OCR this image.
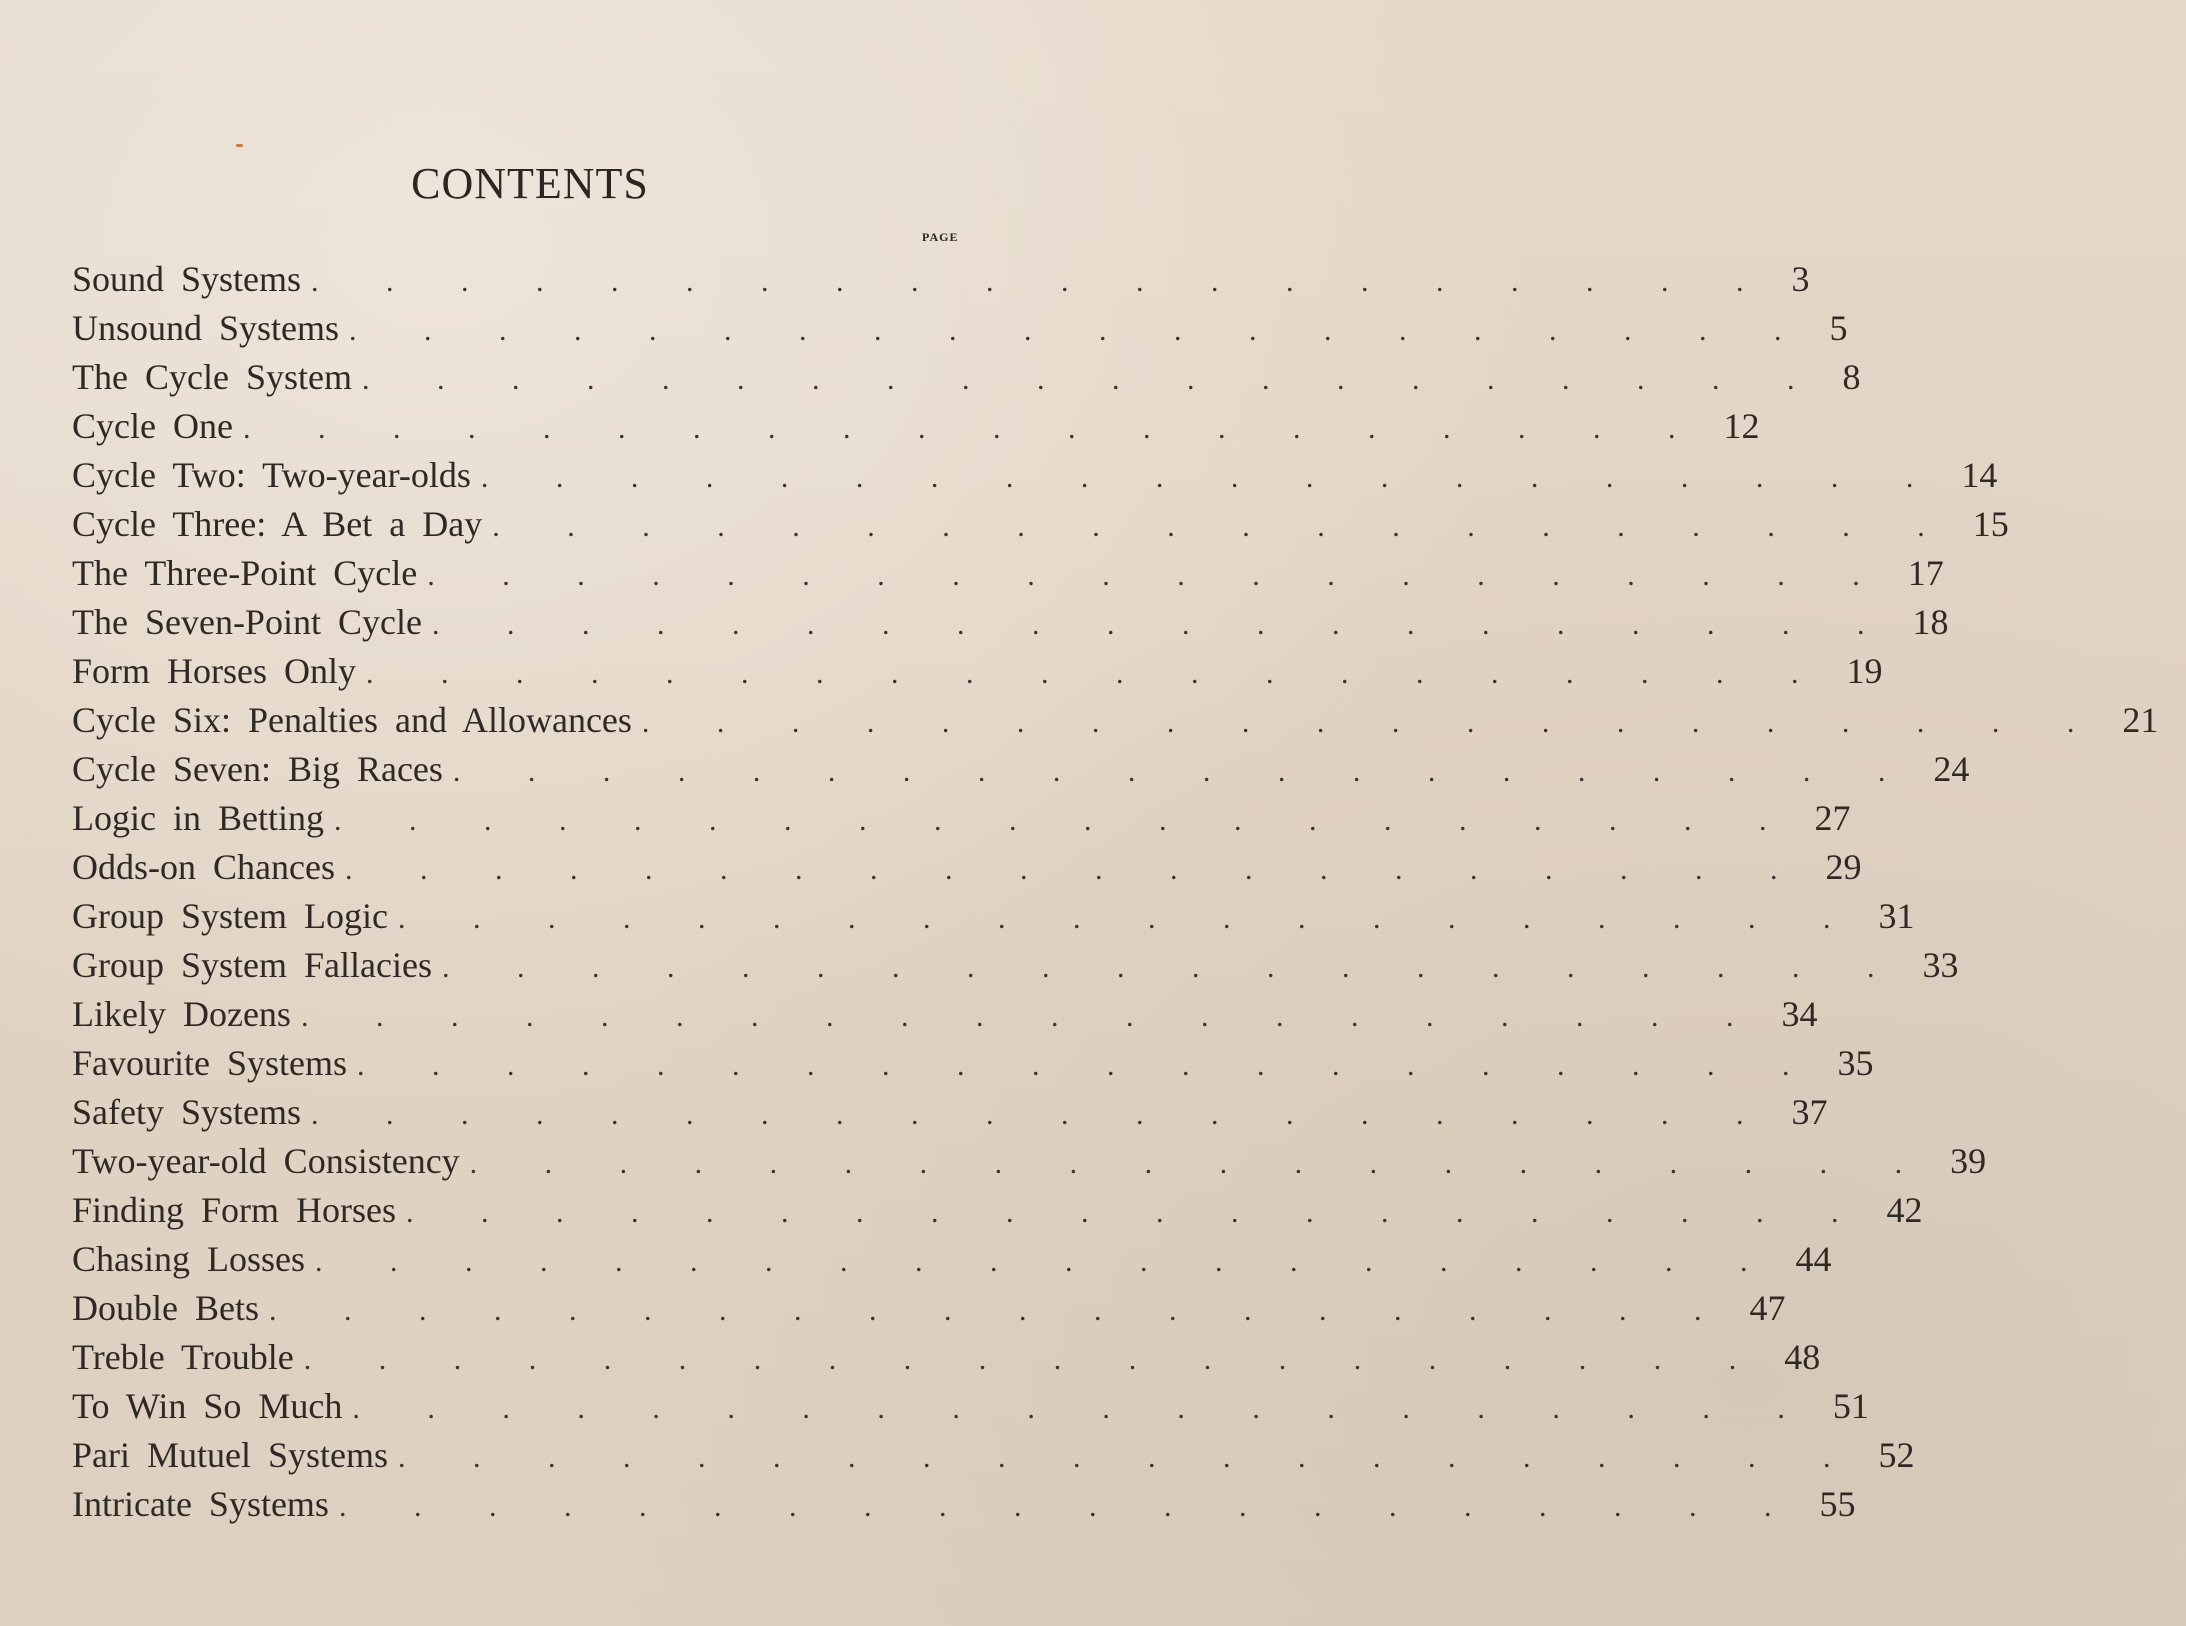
CONTENTS
PAGE
Sound Systems . . . . . . . . . . . . . . . . . . . . 3
Unsound Systems . . . . . . . . . . . . . . . . . . . . 5
The Cycle System . . . . . . . . . . . . . . . . . . . . 8
Cycle One . . . . . . . . . . . . . . . . . . . . 12
Cycle Two: Two-year-olds . . . . . . . . . . . . . . . . . . . . 14
Cycle Three: A Bet a Day . . . . . . . . . . . . . . . . . . . . 15
The Three-Point Cycle . . . . . . . . . . . . . . . . . . . . 17
The Seven-Point Cycle . . . . . . . . . . . . . . . . . . . . 18
Form Horses Only . . . . . . . . . . . . . . . . . . . . 19
Cycle Six: Penalties and Allowances . . . . . . . . . . . . . . . . . . . . 21
Cycle Seven: Big Races . . . . . . . . . . . . . . . . . . . . 24
Logic in Betting . . . . . . . . . . . . . . . . . . . . 27
Odds-on Chances . . . . . . . . . . . . . . . . . . . . 29
Group System Logic . . . . . . . . . . . . . . . . . . . . 31
Group System Fallacies . . . . . . . . . . . . . . . . . . . . 33
Likely Dozens . . . . . . . . . . . . . . . . . . . . 34
Favourite Systems . . . . . . . . . . . . . . . . . . . . 35
Safety Systems . . . . . . . . . . . . . . . . . . . . 37
Two-year-old Consistency . . . . . . . . . . . . . . . . . . . . 39
Finding Form Horses . . . . . . . . . . . . . . . . . . . . 42
Chasing Losses . . . . . . . . . . . . . . . . . . . . 44
Double Bets . . . . . . . . . . . . . . . . . . . . 47
Treble Trouble . . . . . . . . . . . . . . . . . . . . 48
To Win So Much . . . . . . . . . . . . . . . . . . . . 51
Pari Mutuel Systems . . . . . . . . . . . . . . . . . . . . 52
Intricate Systems . . . . . . . . . . . . . . . . . . . . 55
